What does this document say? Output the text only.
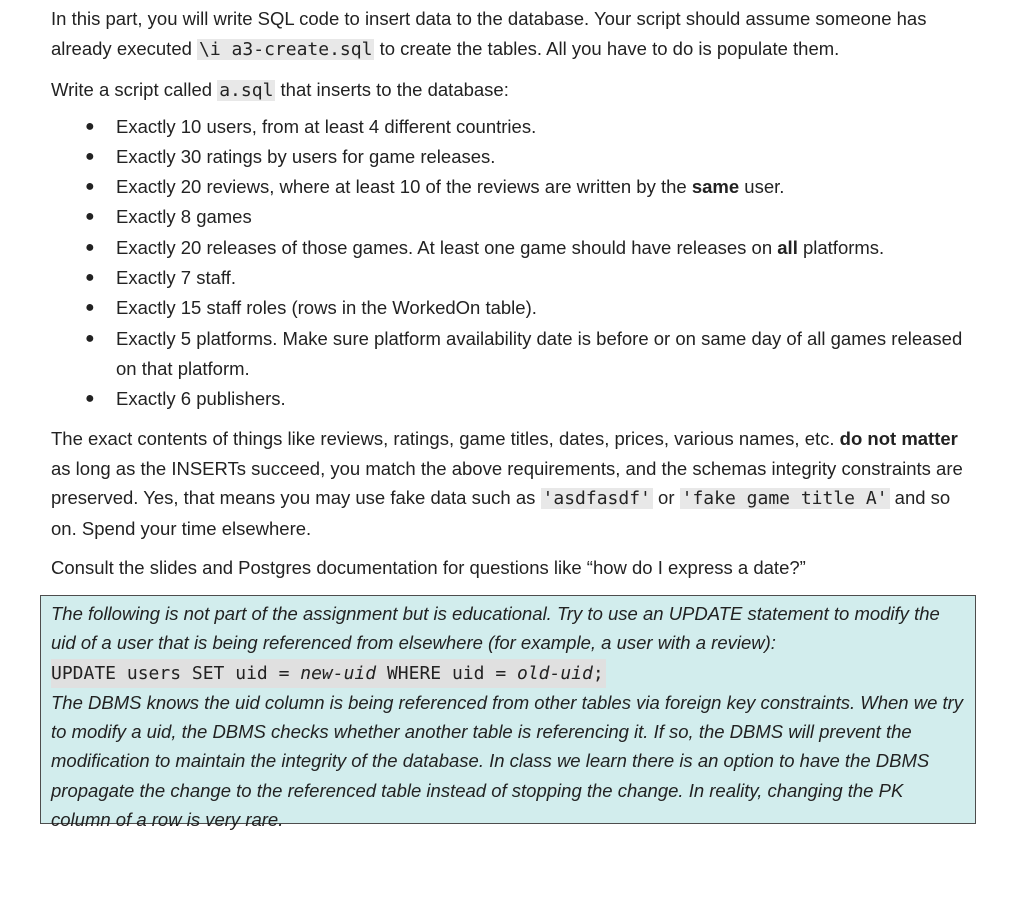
In this part, you will write SQL code to insert data to the database. Your script should assume someone has already executed \i a3-create.sql to create the tables. All you have to do is populate them.

Write a script called a.sql that inserts to the database:

● Exactly 10 users, from at least 4 different countries.
● Exactly 30 ratings by users for game releases.
● Exactly 20 reviews, where at least 10 of the reviews are written by the same user.
● Exactly 8 games
● Exactly 20 releases of those games. At least one game should have releases on all platforms.
● Exactly 7 staff.
● Exactly 15 staff roles (rows in the WorkedOn table).
● Exactly 5 platforms. Make sure platform availability date is before or on same day of all games released on that platform.
● Exactly 6 publishers.

The exact contents of things like reviews, ratings, game titles, dates, prices, various names, etc. do not matter as long as the INSERTs succeed, you match the above requirements, and the schemas integrity constraints are preserved. Yes, that means you may use fake data such as 'asdfasdf' or 'fake game title A' and so on. Spend your time elsewhere.

Consult the slides and Postgres documentation for questions like “how do I express a date?”

The following is not part of the assignment but is educational. Try to use an UPDATE statement to modify the uid of a user that is being referenced from elsewhere (for example, a user with a review):
UPDATE users SET uid = new-uid WHERE uid = old-uid;
The DBMS knows the uid column is being referenced from other tables via foreign key constraints. When we try to modify a uid, the DBMS checks whether another table is referencing it. If so, the DBMS will prevent the modification to maintain the integrity of the database. In class we learn there is an option to have the DBMS propagate the change to the referenced table instead of stopping the change. In reality, changing the PK column of a row is very rare.
